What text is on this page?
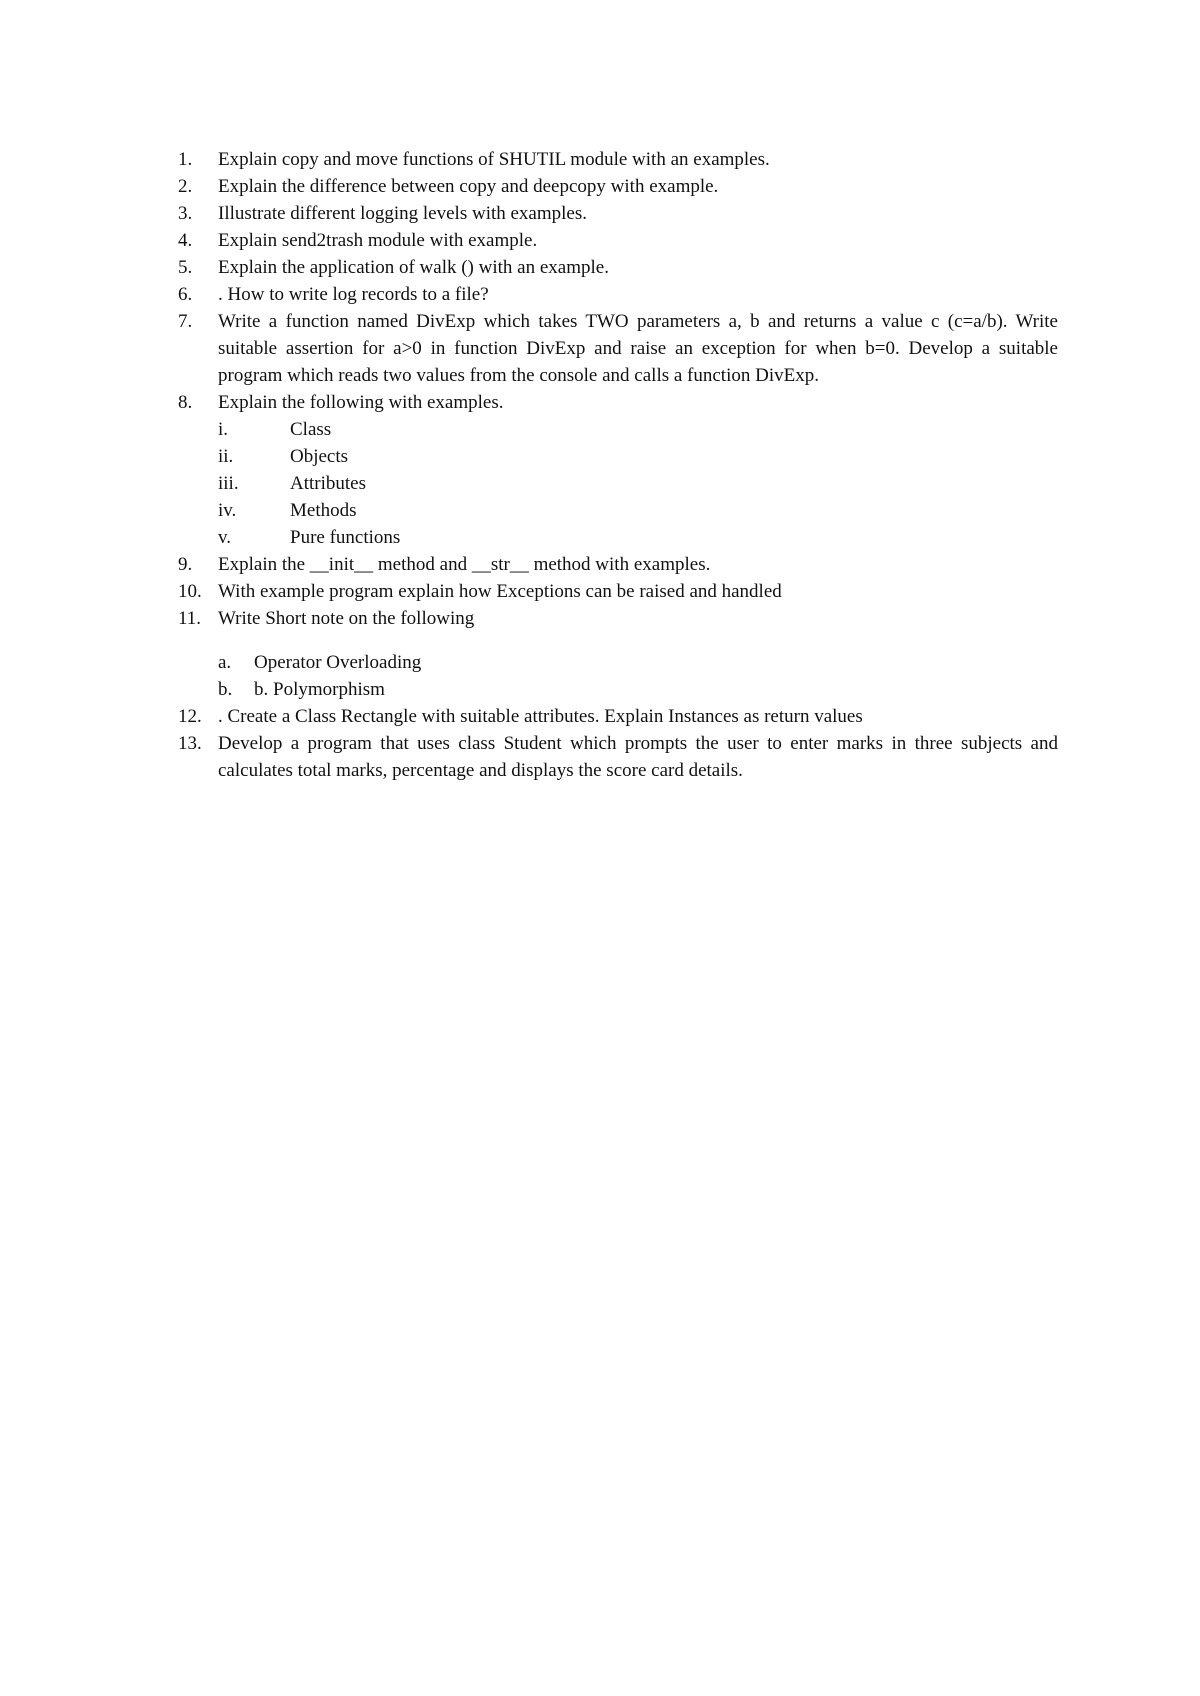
1.	Explain copy and move functions of SHUTIL module with an examples.
2.	Explain the difference between copy and deepcopy with example.
3.	Illustrate different logging levels with examples.
4.	Explain send2trash module with example.
5.	Explain the application of walk () with an example.
6.	. How to write log records to a file?
7.	Write a function named DivExp which takes TWO parameters a, b and returns a value c (c=a/b). Write suitable assertion for a>0 in function DivExp and raise an exception for when b=0. Develop a suitable program which reads two values from the console and calls a function DivExp.
8.	Explain the following with examples.
i.	Class
ii.	Objects
iii.	Attributes
iv.	Methods
v.	Pure functions
9.	Explain the __init__ method and __str__ method with examples.
10. With example program explain how Exceptions can be raised and handled
11. Write Short note on the following
a. Operator Overloading
b. b. Polymorphism
12. . Create a Class Rectangle with suitable attributes. Explain Instances as return values
13. Develop a program that uses class Student which prompts the user to enter marks in three subjects and calculates total marks, percentage and displays the score card details.
